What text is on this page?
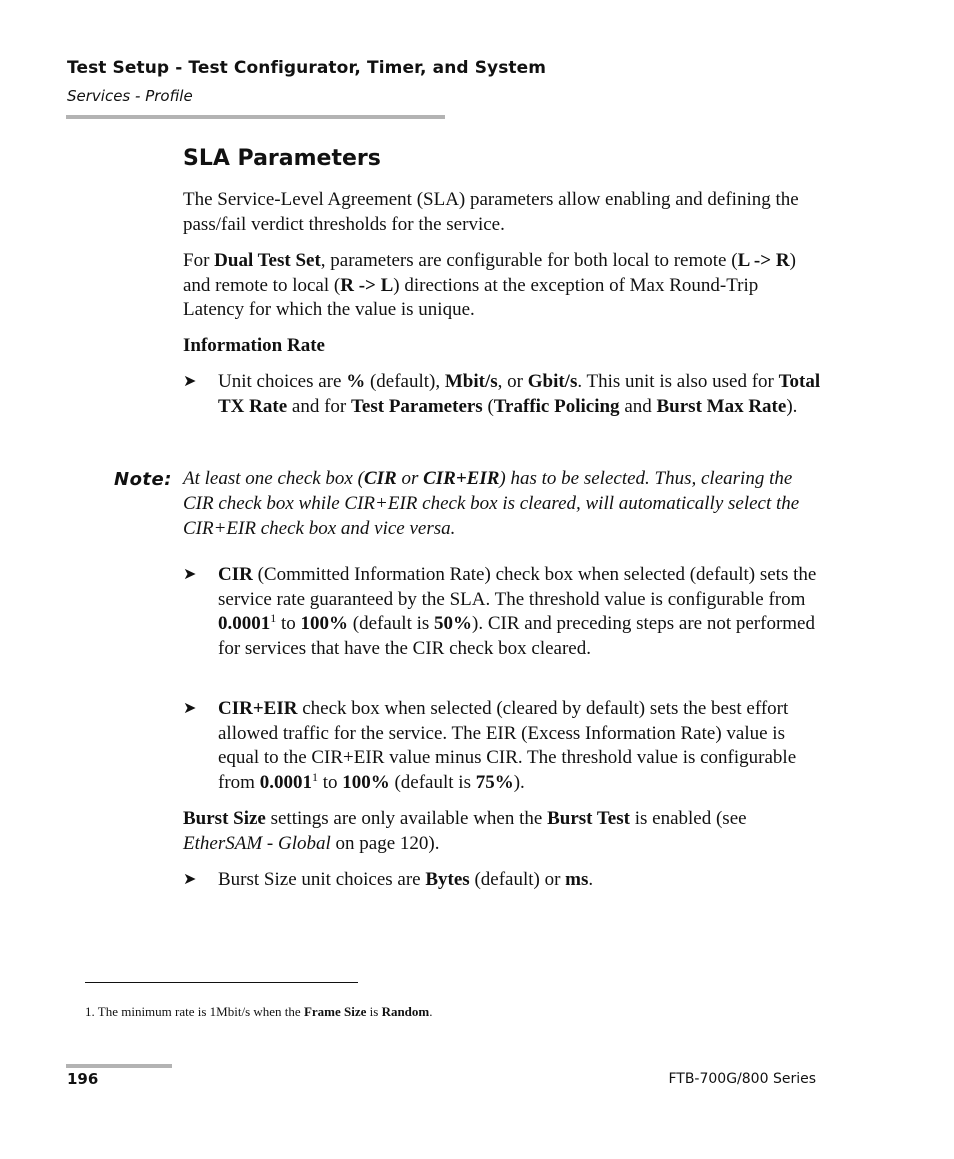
Test Setup - Test Configurator, Timer, and System
Services - Profile
SLA Parameters
The Service-Level Agreement (SLA) parameters allow enabling and defining the pass/fail verdict thresholds for the service.
For Dual Test Set, parameters are configurable for both local to remote (L -> R) and remote to local (R -> L) directions at the exception of Max Round-Trip Latency for which the value is unique.
Information Rate
➤ Unit choices are % (default), Mbit/s, or Gbit/s. This unit is also used for Total TX Rate and for Test Parameters (Traffic Policing and Burst Max Rate).
Note: At least one check box (CIR or CIR+EIR) has to be selected. Thus, clearing the CIR check box while CIR+EIR check box is cleared, will automatically select the CIR+EIR check box and vice versa.
➤ CIR (Committed Information Rate) check box when selected (default) sets the service rate guaranteed by the SLA. The threshold value is configurable from 0.0001$^1$ to 100% (default is 50%). CIR and preceding steps are not performed for services that have the CIR check box cleared.
➤ CIR+EIR check box when selected (cleared by default) sets the best effort allowed traffic for the service. The EIR (Excess Information Rate) value is equal to the CIR+EIR value minus CIR. The threshold value is configurable from 0.0001$^1$ to 100% (default is 75%).
Burst Size settings are only available when the Burst Test is enabled (see EtherSAM - Global on page 120).
➤ Burst Size unit choices are Bytes (default) or ms.
1. The minimum rate is 1Mbit/s when the Frame Size is Random.
196	FTB-700G/800 Series
